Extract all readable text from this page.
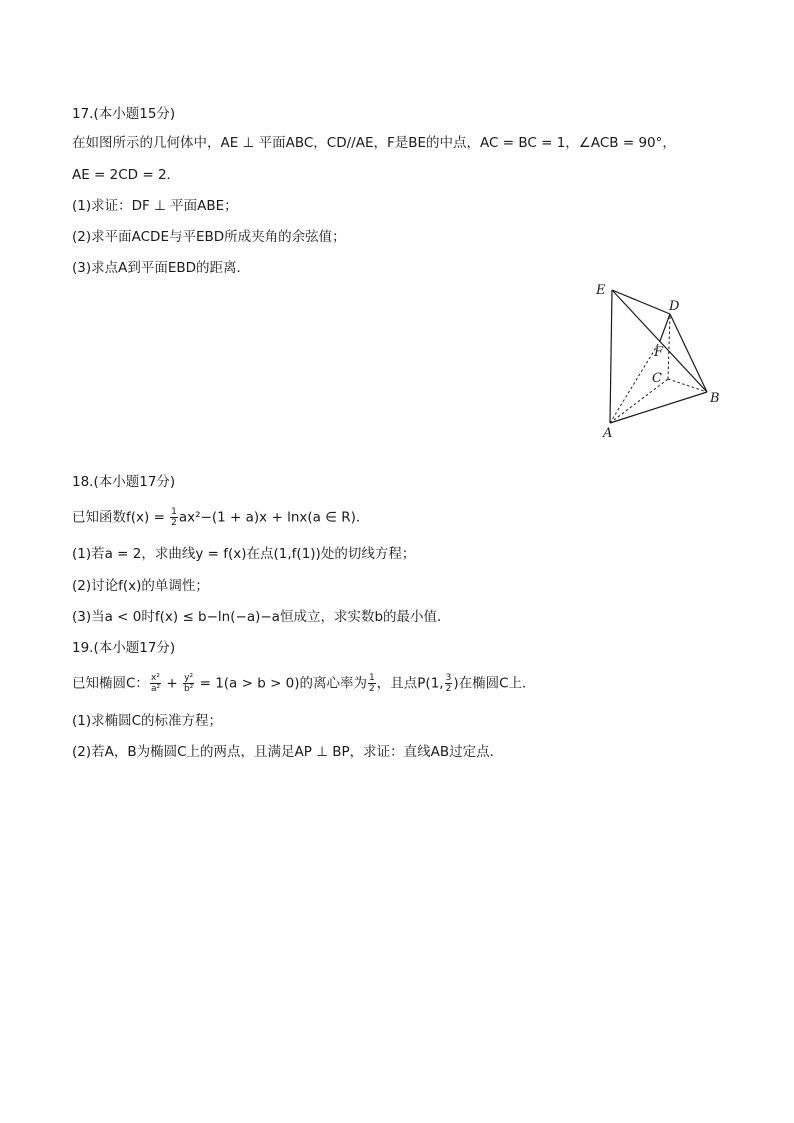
17.(本小题15分)
在如图所示的几何体中，AE ⊥ 平面ABC，CD//AE，F是BE的中点，AC = BC = 1，∠ACB = 90°，
AE = 2CD = 2．
(1)求证：DF ⊥ 平面ABE；
(2)求平面ACDE与平EBD所成夹角的余弦值；
(3)求点A到平面EBD的距离．
E
D
F
C
B
A
18.(本小题17分)
已知函数$f(x) = \frac{1}{2} ax^2-(1 + a)x + \ln x(a$ ∈ R)．
(1)若a = 2，求曲线y = f(x)在点(1,f(1))处的切线方程；
(2)讨论f(x)的单调性；
(3)当a < 0时f(x) ≤ b−ln(−a)−a恒成立，求实数b的最小值．
19.(本小题17分)
已知椭圆C： $\frac{\text{x²}}{\text{a²}} + \frac{\text{y²}}{\text{b²}} = 1(a > b > 0)$的离心率为 $\frac{1}{2}$ ，且点P(1, $\frac{3}{2}$ )在椭圆C上．
(1)求椭圆C的标准方程；
(2)若A，B为椭圆C上的两点，且满足AP ⊥ BP，求证：直线AB过定点．
